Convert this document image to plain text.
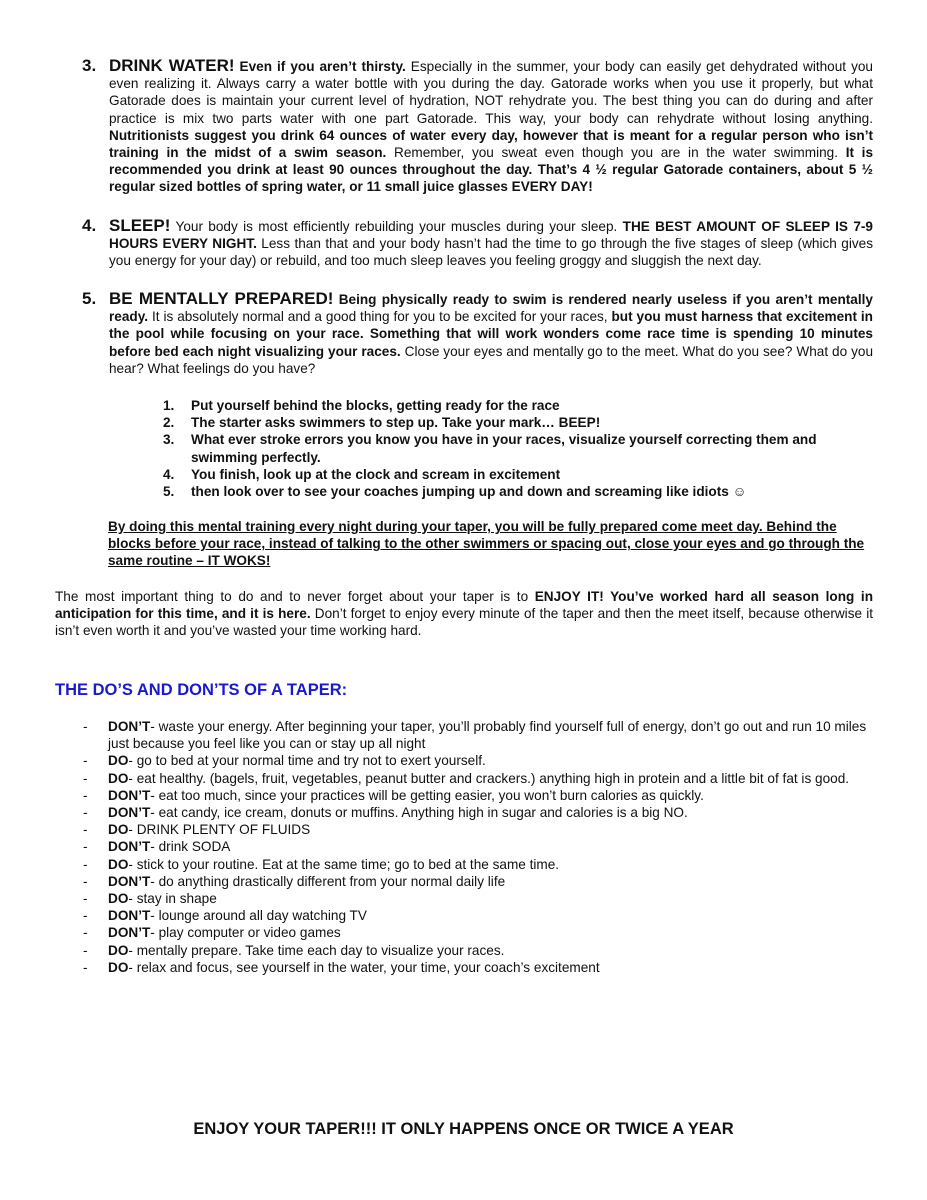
3. DRINK WATER! Even if you aren’t thirsty. Especially in the summer, your body can easily get dehydrated without you even realizing it. Always carry a water bottle with you during the day. Gatorade works when you use it properly, but what Gatorade does is maintain your current level of hydration, NOT rehydrate you. The best thing you can do during and after practice is mix two parts water with one part Gatorade. This way, your body can rehydrate without losing anything. Nutritionists suggest you drink 64 ounces of water every day, however that is meant for a regular person who isn’t training in the midst of a swim season. Remember, you sweat even though you are in the water swimming. It is recommended you drink at least 90 ounces throughout the day. That’s 4 ½ regular Gatorade containers, about 5 ½ regular sized bottles of spring water, or 11 small juice glasses EVERY DAY!
4. SLEEP! Your body is most efficiently rebuilding your muscles during your sleep. THE BEST AMOUNT OF SLEEP IS 7-9 HOURS EVERY NIGHT. Less than that and your body hasn’t had the time to go through the five stages of sleep (which gives you energy for your day) or rebuild, and too much sleep leaves you feeling groggy and sluggish the next day.
5. BE MENTALLY PREPARED! Being physically ready to swim is rendered nearly useless if you aren’t mentally ready. It is absolutely normal and a good thing for you to be excited for your races, but you must harness that excitement in the pool while focusing on your race. Something that will work wonders come race time is spending 10 minutes before bed each night visualizing your races. Close your eyes and mentally go to the meet. What do you see? What do you hear? What feelings do you have?
1. Put yourself behind the blocks, getting ready for the race
2. The starter asks swimmers to step up. Take your mark… BEEP!
3. What ever stroke errors you know you have in your races, visualize yourself correcting them and swimming perfectly.
4. You finish, look up at the clock and scream in excitement
5. then look over to see your coaches jumping up and down and screaming like idiots ☺
By doing this mental training every night during your taper, you will be fully prepared come meet day. Behind the blocks before your race, instead of talking to the other swimmers or spacing out, close your eyes and go through the same routine – IT WOKS!
The most important thing to do and to never forget about your taper is to ENJOY IT! You’ve worked hard all season long in anticipation for this time, and it is here. Don’t forget to enjoy every minute of the taper and then the meet itself, because otherwise it isn’t even worth it and you’ve wasted your time working hard.
THE DO’S AND DON’TS OF A TAPER:
- DON’T- waste your energy. After beginning your taper, you’ll probably find yourself full of energy, don’t go out and run 10 miles just because you feel like you can or stay up all night
- DO- go to bed at your normal time and try not to exert yourself.
- DO- eat healthy. (bagels, fruit, vegetables, peanut butter and crackers.) anything high in protein and a little bit of fat is good.
- DON’T- eat too much, since your practices will be getting easier, you won’t burn calories as quickly.
- DON’T- eat candy, ice cream, donuts or muffins. Anything high in sugar and calories is a big NO.
- DO- DRINK PLENTY OF FLUIDS
- DON’T- drink SODA
- DO- stick to your routine. Eat at the same time; go to bed at the same time.
- DON’T- do anything drastically different from your normal daily life
- DO- stay in shape
- DON’T- lounge around all day watching TV
- DON’T- play computer or video games
- DO- mentally prepare. Take time each day to visualize your races.
- DO- relax and focus, see yourself in the water, your time, your coach’s excitement
ENJOY YOUR TAPER!!! IT ONLY HAPPENS ONCE OR TWICE A YEAR
